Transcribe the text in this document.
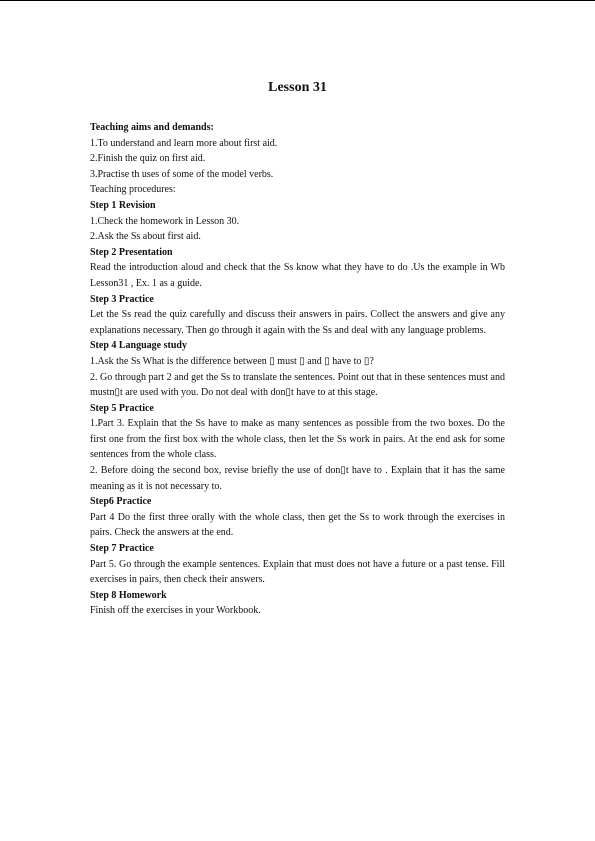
Lesson 31

Teaching aims and demands:

1.To understand and learn more about first aid.

2.Finish the quiz on first aid.

3.Practise th uses of some of the model verbs.

Teaching procedures:

Step 1 Revision

1.Check the homework in Lesson 30.

2.Ask the Ss about first aid.

Step 2 Presentation

Read the introduction aloud and check that the Ss know what they have to do .Us the example in Wb Lesson31 , Ex. 1 as a guide.

Step 3 Practice

Let the Ss read the quiz carefully and discuss their answers in pairs. Collect the answers and give any explanations necessary. Then go through it again with the Ss and deal with any language problems.

Step 4 Language study

1.Ask the Ss What is the difference between ▯ must ▯ and ▯ have to ▯?

2. Go through part 2 and get the Ss to translate the sentences. Point out that in these sentences must and mustn▯t are used with you. Do not deal with don▯t have to at this stage.

Step 5 Practice

1.Part 3. Explain that the Ss have to make as many sentences as possible from the two boxes. Do the first one from the first box with the whole class, then let the Ss work in pairs. At the end ask for some sentences from the whole class.

2. Before doing the second box, revise briefly the use of don▯t have to . Explain that it has the same meaning as it is not necessary to.

Step6 Practice

Part 4 Do the first three orally with the whole class, then get the Ss to work through the exercises in pairs. Check the answers at the end.

Step 7 Practice

Part 5. Go through the example sentences. Explain that must does not have a future or a past tense. Fill exercises in pairs, then check their answers.

Step 8 Homework

Finish off the exercises in your Workbook.
